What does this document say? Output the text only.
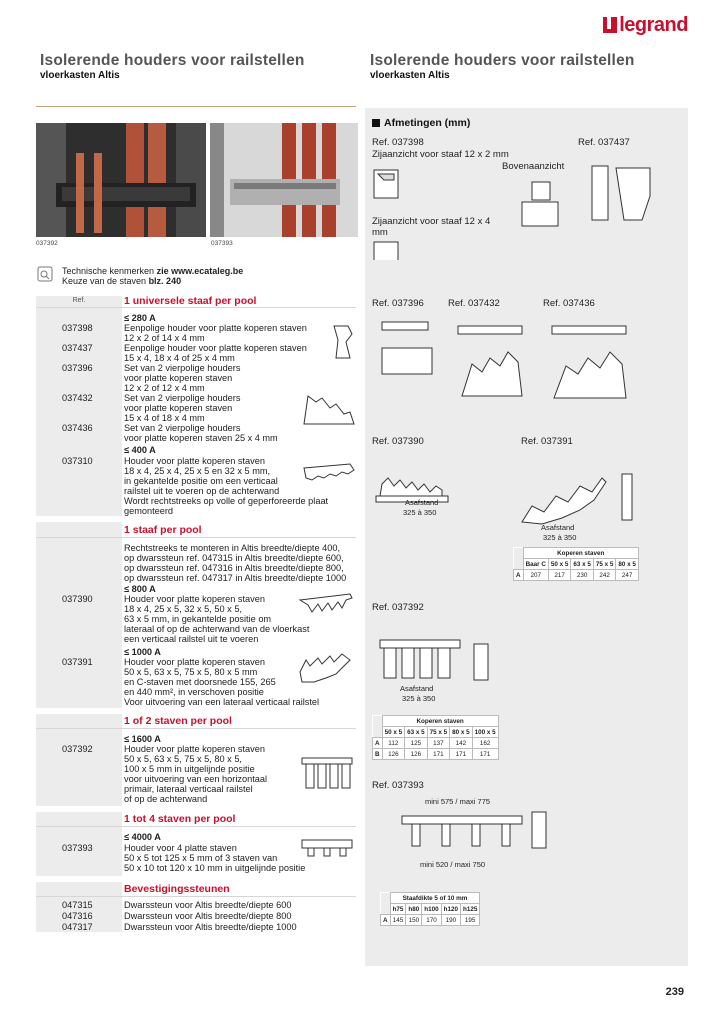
legrand
Isolerende houders voor railstellen
vloerkasten Altis
Isolerende houders voor railstellen
vloerkasten Altis
037392	037393
Technische kenmerken zie www.ecataleg.be
Keuze van de staven blz. 240
Ref.	1 universele staaf per pool
≤ 280 A
037398	Eenpolige houder voor platte koperen staven
12 x 2 of 14 x 4 mm
037437	Eenpolige houder voor platte koperen staven
15 x 4, 18 x 4 of 25 x 4 mm
037396	Set van 2 vierpolige houders
voor platte koperen staven
12 x 2 of 12 x 4 mm
037432	Set van 2 vierpolige houders
voor platte koperen staven
15 x 4 of 18 x 4 mm
037436	Set van 2 vierpolige houders
voor platte koperen staven 25 x 4 mm
≤ 400 A
037310	Houder voor platte koperen staven
18 x 4, 25 x 4, 25 x 5 en 32 x 5 mm,
in gekantelde positie om een verticaal
railstel uit te voeren op de achterwand
Wordt rechtstreeks op volle of geperforeerde plaat
gemonteerd
1 staaf per pool
Rechtstreeks te monteren in Altis breedte/diepte 400,
op dwarssteun ref. 047315 in Altis breedte/diepte 600,
op dwarssteun ref. 047316 in Altis breedte/diepte 800,
op dwarssteun ref. 047317 in Altis breedte/diepte 1000
≤ 800 A
037390	Houder voor platte koperen staven
18 x 4, 25 x 5, 32 x 5, 50 x 5,
63 x 5 mm, in gekantelde positie om
lateraal of op de achterwand van de vloerkast
een verticaal railstel uit te voeren
≤ 1000 A
037391	Houder voor platte koperen staven
50 x 5, 63 x 5, 75 x 5, 80 x 5 mm
en C-staven met doorsnede 155, 265
en 440 mm², in verschoven positie
Voor uitvoering van een lateraal verticaal railstel
1 of 2 staven per pool
≤ 1600 A
037392	Houder voor platte koperen staven
50 x 5, 63 x 5, 75 x 5, 80 x 5,
100 x 5 mm in uitgelijnde positie
voor uitvoering van een horizontaal
primair, lateraal verticaal railstel
of op de achterwand
1 tot 4 staven per pool
≤ 4000 A
037393	Houder voor 4 platte staven
50 x 5 tot 125 x 5 mm of 3 staven van
50 x 10 tot 120 x 10 mm in uitgelijnde positie
Bevestigingssteunen
047315	Dwarssteun voor Altis breedte/diepte 600
047316	Dwarssteun voor Altis breedte/diepte 800
047317	Dwarssteun voor Altis breedte/diepte 1000
Afmetingen (mm)
Ref. 037398	Ref. 037437
Zijaanzicht voor staaf 12 x 2 mm
Bovenaanzicht
Zijaanzicht voor staaf 12 x 4
mm
Ref. 037396	Ref. 037432	Ref. 037436
Ref. 037390	Ref. 037391
Asafstand
325 à 350
Asafstand
325 à 350
	Koperen staven				
	Baar C	50 x 5	63 x 5	75 x 5	80 x 5
A	207	217	230	242	247
Ref. 037392
Asafstand
325 à 350
	Koperen staven				
	50 x 5	63 x 5	75 x 5	80 x 5	100 x 5
A	112	125	137	142	162
B	126	126	171	171	171
Ref. 037393
mini 575 / maxi 775
mini 520 / maxi 750
	Staafdikte 5 of 10 mm				
	h75	h80	h100	h120	h125
A	145	150	170	190	195
239
